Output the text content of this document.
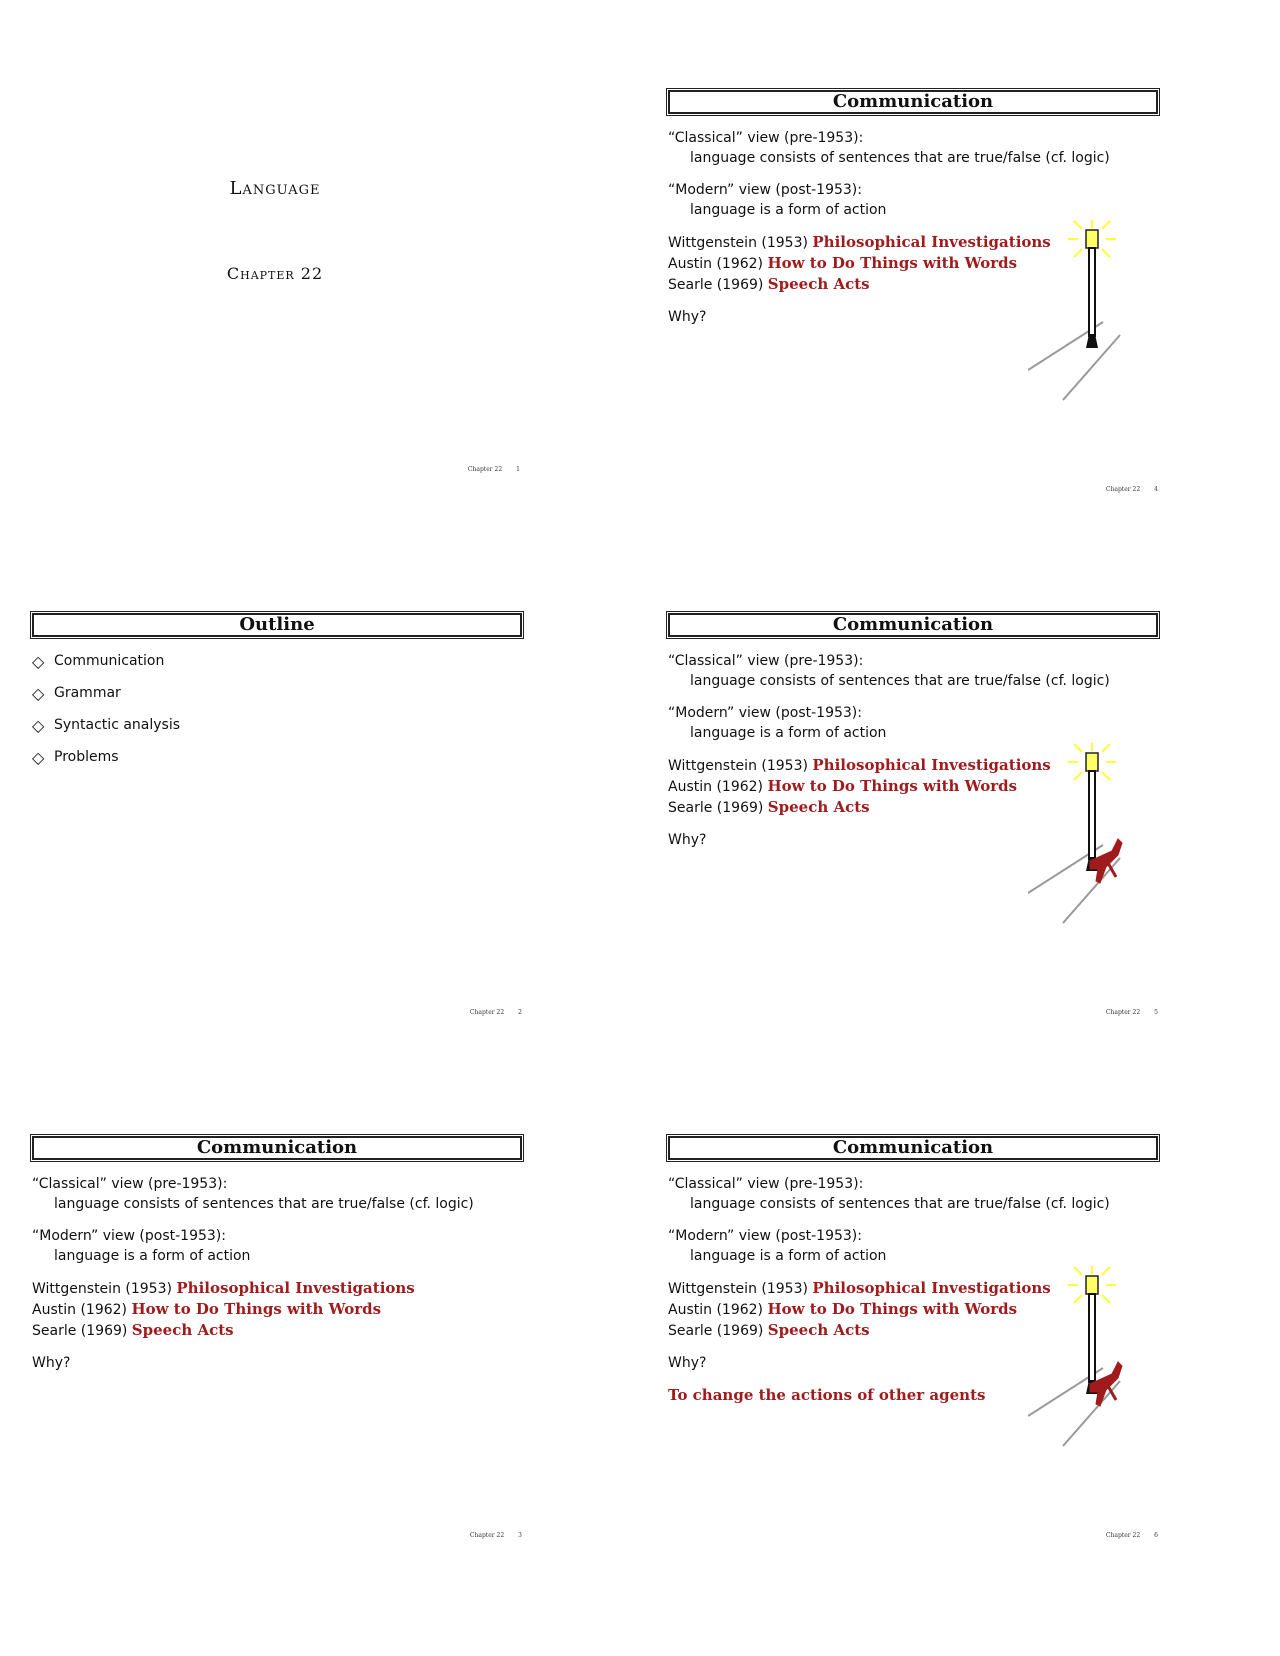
Language
Chapter 22
Chapter 22 1
Communication

“Classical” view (pre-1953):
language consists of sentences that are true/false (cf. logic)

“Modern” view (post-1953):
language is a form of action

Wittgenstein (1953) Philosophical Investigations
Austin (1962) How to Do Things with Words
Searle (1969) Speech Acts

Why?

Chapter 22 4
Outline
◇ Communication
◇ Grammar
◇ Syntactic analysis
◇ Problems
Chapter 22 2
Communication

“Classical” view (pre-1953):
language consists of sentences that are true/false (cf. logic)

“Modern” view (post-1953):
language is a form of action

Wittgenstein (1953) Philosophical Investigations
Austin (1962) How to Do Things with Words
Searle (1969) Speech Acts

Why?

Chapter 22 5
Communication

“Classical” view (pre-1953):
language consists of sentences that are true/false (cf. logic)

“Modern” view (post-1953):
language is a form of action

Wittgenstein (1953) Philosophical Investigations
Austin (1962) How to Do Things with Words
Searle (1969) Speech Acts

Why?

Chapter 22 3
Communication

“Classical” view (pre-1953):
language consists of sentences that are true/false (cf. logic)

“Modern” view (post-1953):
language is a form of action

Wittgenstein (1953) Philosophical Investigations
Austin (1962) How to Do Things with Words
Searle (1969) Speech Acts

Why?

To change the actions of other agents
Chapter 22 6
